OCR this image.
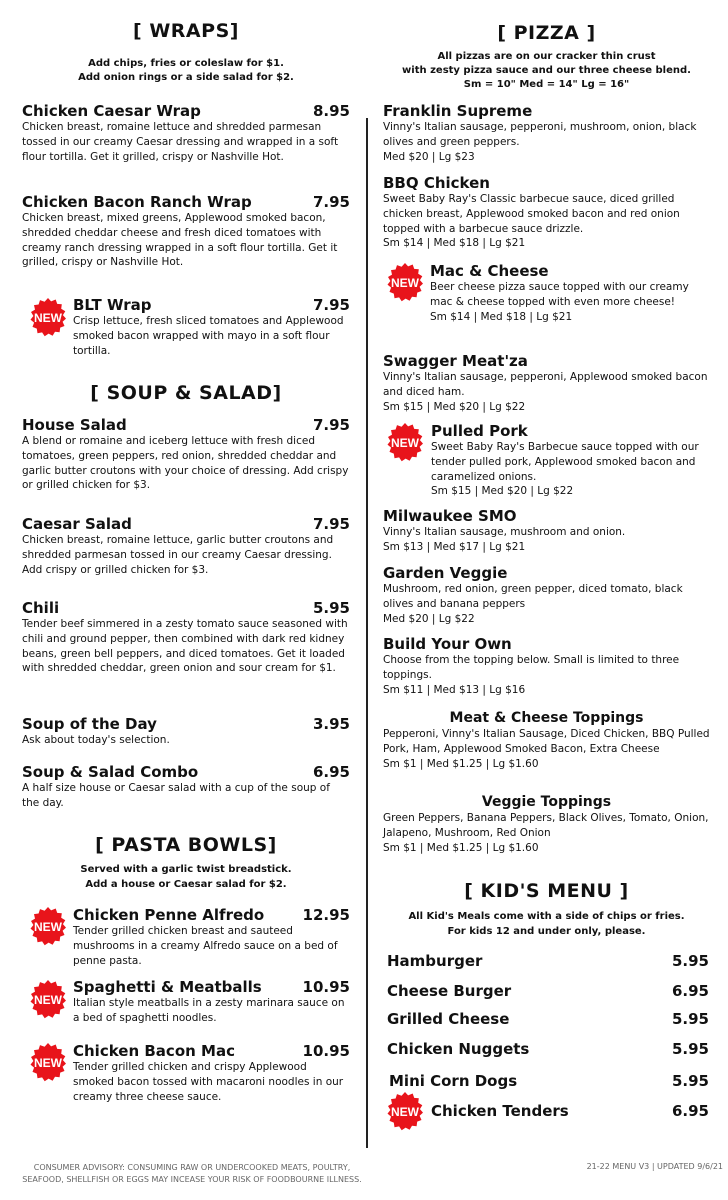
[ WRAPS]
Add chips, fries or coleslaw for $1.
Add onion rings or a side salad for $2.
Chicken Caesar Wrap	8.95

Chicken breast, romaine lettuce and shredded parmesan tossed in our creamy Caesar dressing and wrapped in a soft flour tortilla. Get it grilled, crispy or Nashville Hot.

Chicken Bacon Ranch Wrap	7.95

Chicken breast, mixed greens, Applewood smoked bacon, shredded cheddar cheese and fresh diced tomatoes with creamy ranch dressing wrapped in a soft flour tortilla. Get it grilled, crispy or Nashville Hot.

NEW
BLT Wrap	7.95

Crisp lettuce, fresh sliced tomatoes and Applewood smoked bacon wrapped with mayo in a soft flour tortilla.

[ SOUP & SALAD]
House Salad	7.95

A blend or romaine and iceberg lettuce with fresh diced tomatoes, green peppers, red onion, shredded cheddar and garlic butter croutons with your choice of dressing. Add crispy or grilled chicken for $3.

Caesar Salad	7.95

Chicken breast, romaine lettuce, garlic butter croutons and shredded parmesan tossed in our creamy Caesar dressing. Add crispy or grilled chicken for $3.

Chili	5.95

Tender beef simmered in a zesty tomato sauce seasoned with chili and ground pepper, then combined with dark red kidney beans, green bell peppers, and diced tomatoes. Get it loaded with shredded cheddar, green onion and sour cream for $1.

Soup of the Day	3.95

Ask about today's selection.

Soup & Salad Combo	6.95

A half size house or Caesar salad with a cup of the soup of the day.

[ PASTA BOWLS]
Served with a garlic twist breadstick.
Add a house or Caesar salad for $2.
NEW
Chicken Penne Alfredo	12.95

Tender grilled chicken breast and sauteed mushrooms in a creamy Alfredo sauce on a bed of penne pasta.

NEW
Spaghetti & Meatballs	10.95

Italian style meatballs in a zesty marinara sauce on a bed of spaghetti noodles.

NEW
Chicken Bacon Mac	10.95

Tender grilled chicken and crispy Applewood smoked bacon tossed with macaroni noodles in our creamy three cheese sauce.

CONSUMER ADVISORY: CONSUMING RAW OR UNDERCOOKED MEATS, POULTRY,
SEAFOOD, SHELLFISH OR EGGS MAY INCEASE YOUR RISK OF FOODBOURNE ILLNESS.
[ PIZZA ]
All pizzas are on our cracker thin crust
with zesty pizza sauce and our three cheese blend.
Sm = 10" Med = 14" Lg = 16"
Franklin Supreme

Vinny's Italian sausage, pepperoni, mushroom, onion, black olives and green peppers.

Med $20 | Lg $23
BBQ Chicken

Sweet Baby Ray's Classic barbecue sauce, diced grilled chicken breast, Applewood smoked bacon and red onion topped with a barbecue sauce drizzle.

Sm $14 | Med $18 | Lg $21
NEW
Mac & Cheese

Beer cheese pizza sauce topped with our creamy mac & cheese topped with even more cheese!

Sm $14 | Med $18 | Lg $21
Swagger Meat'za

Vinny's Italian sausage, pepperoni, Applewood smoked bacon and diced ham.

Sm $15 | Med $20 | Lg $22
NEW
Pulled Pork

Sweet Baby Ray's Barbecue sauce topped with our tender pulled pork, Applewood smoked bacon and caramelized onions.

Sm $15 | Med $20 | Lg $22
Milwaukee SMO

Vinny's Italian sausage, mushroom and onion.

Sm $13 | Med $17 | Lg $21
Garden Veggie

Mushroom, red onion, green pepper, diced tomato, black olives and banana peppers

Med $20 | Lg $22
Build Your Own

Choose from the topping below. Small is limited to three toppings.

Sm $11 | Med $13 | Lg $16
Meat & Cheese Toppings

Pepperoni, Vinny's Italian Sausage, Diced Chicken, BBQ Pulled Pork, Ham, Applewood Smoked Bacon, Extra Cheese

Sm $1 | Med $1.25 | Lg $1.60
Veggie Toppings

Green Peppers, Banana Peppers, Black Olives, Tomato, Onion, Jalapeno, Mushroom, Red Onion

Sm $1 | Med $1.25 | Lg $1.60
[ KID'S MENU ]
All Kid's Meals come with a side of chips or fries.
For kids 12 and under only, please.
Hamburger	5.95
Cheese Burger	6.95
Grilled Cheese	5.95
Chicken Nuggets	5.95
Mini Corn Dogs	5.95
NEW Chicken Tenders	6.95
21-22 MENU V3 | UPDATED 9/6/21
